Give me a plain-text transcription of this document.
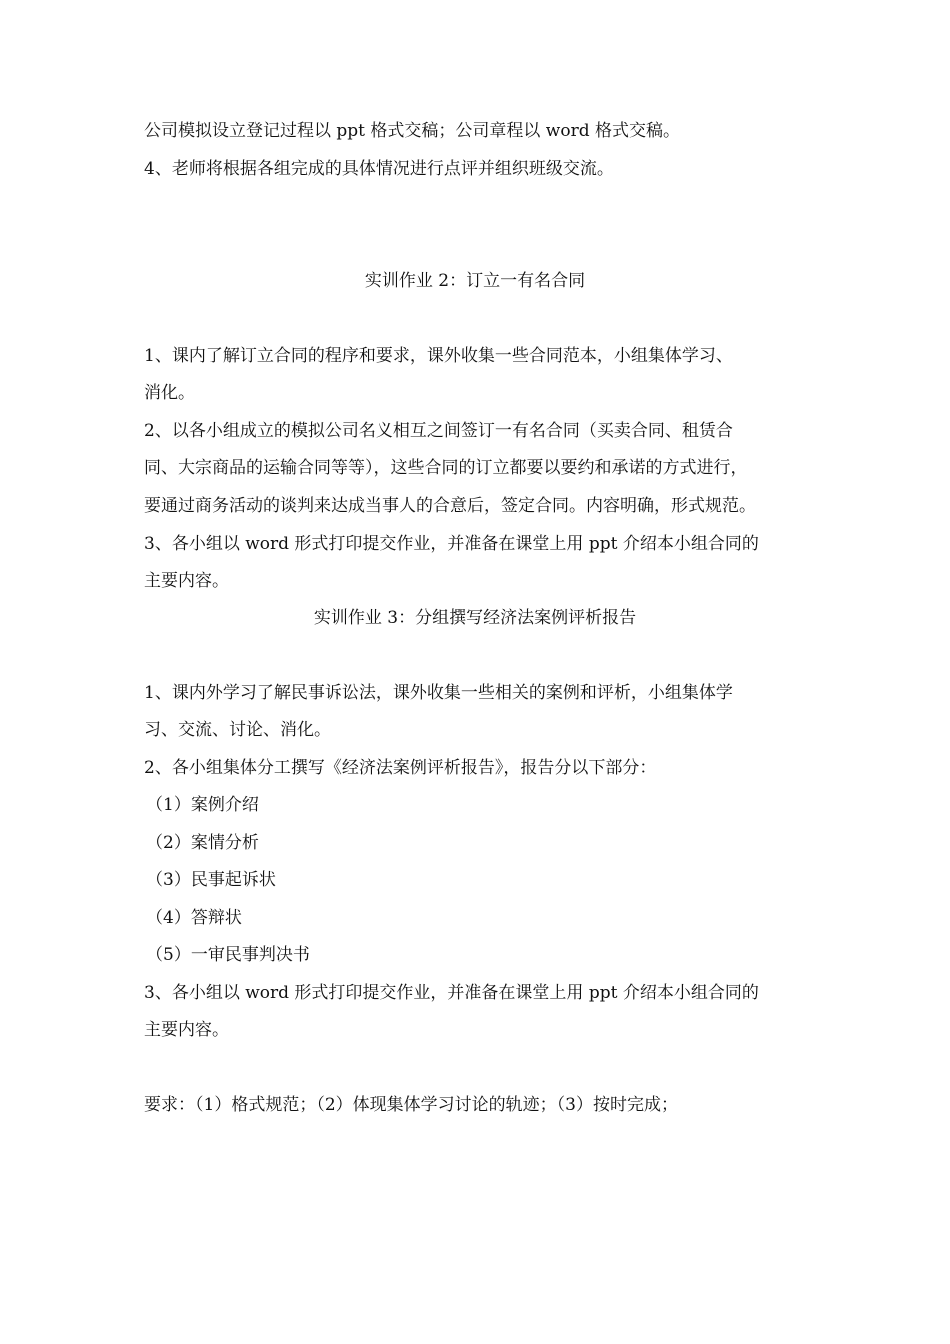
公司模拟设立登记过程以 ppt 格式交稿；公司章程以 word 格式交稿。
4、老师将根据各组完成的具体情况进行点评并组织班级交流。
实训作业 2：订立一有名合同
1、课内了解订立合同的程序和要求，课外收集一些合同范本，小组集体学习、
消化。
2、以各小组成立的模拟公司名义相互之间签订一有名合同（买卖合同、租赁合
同、大宗商品的运输合同等等），这些合同的订立都要以要约和承诺的方式进行，
要通过商务活动的谈判来达成当事人的合意后，签定合同。内容明确，形式规范。
3、各小组以 word 形式打印提交作业，并准备在课堂上用 ppt 介绍本小组合同的
主要内容。
实训作业 3：分组撰写经济法案例评析报告
1、课内外学习了解民事诉讼法，课外收集一些相关的案例和评析，小组集体学
习、交流、讨论、消化。
2、各小组集体分工撰写《经济法案例评析报告》，报告分以下部分：
（1）案例介绍
（2）案情分析
（3）民事起诉状
（4）答辩状
（5）一审民事判决书
3、各小组以 word 形式打印提交作业，并准备在课堂上用 ppt 介绍本小组合同的
主要内容。
要求：（1）格式规范；（2）体现集体学习讨论的轨迹；（3）按时完成；
